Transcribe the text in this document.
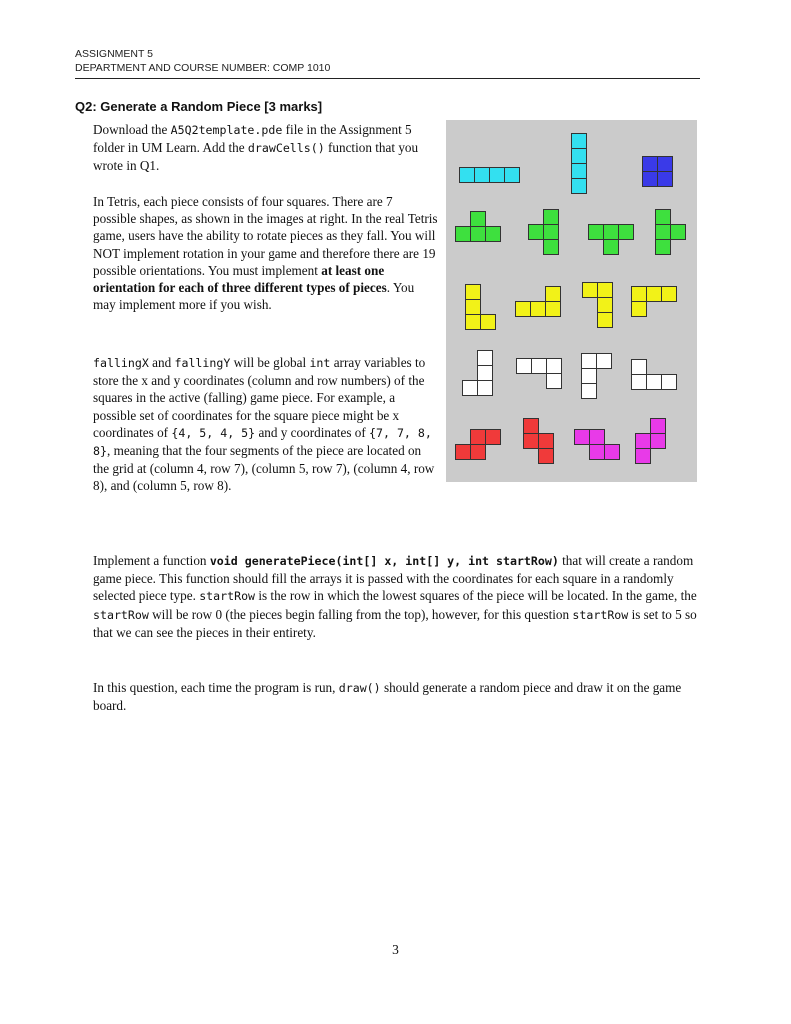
ASSIGNMENT 5
DEPARTMENT AND COURSE NUMBER: COMP 1010
Q2: Generate a Random Piece [3 marks]

Download the A5Q2template.pde file in the Assignment 5 folder in UM Learn. Add the drawCells() function that you wrote in Q1.

In Tetris, each piece consists of four squares. There are 7 possible shapes, as shown in the images at right. In the real Tetris game, users have the ability to rotate pieces as they fall. You will NOT implement rotation in your game and therefore there are 19 possible orientations. You must implement at least one orientation for each of three different types of pieces. You may implement more if you wish.

fallingX and fallingY will be global int array variables to store the x and y coordinates (column and row numbers) of the squares in the active (falling) game piece. For example, a possible set of coordinates for the square piece might be x coordinates of {4, 5, 4, 5} and y coordinates of {7, 7, 8, 8}, meaning that the four segments of the piece are located on the grid at (column 4, row 7), (column 5, row 7), (column 4, row 8), and (column 5, row 8).

Implement a function void generatePiece(int[] x, int[] y, int startRow) that will create a random game piece. This function should fill the arrays it is passed with the coordinates for each square in a randomly selected piece type. startRow is the row in which the lowest squares of the piece will be located. In the game, the startRow will be row 0 (the pieces begin falling from the top), however, for this question startRow is set to 5 so that we can see the pieces in their entirety.

In this question, each time the program is run, draw() should generate a random piece and draw it on the game board.

3
